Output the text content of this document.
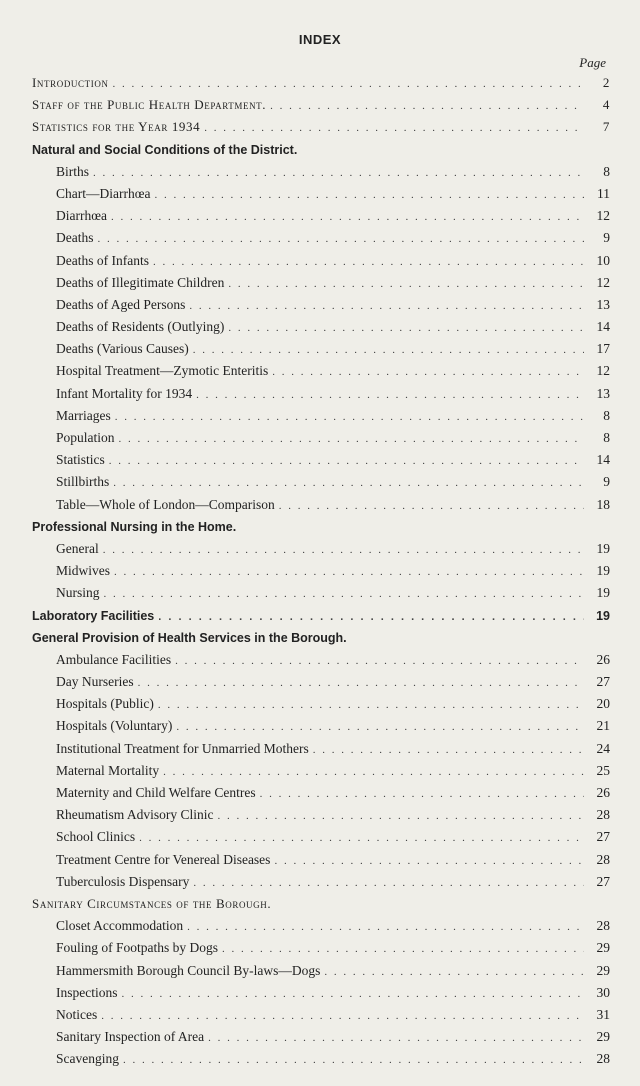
INDEX
Page
Introduction . . .	2
Staff of the Public Health Department. . . .	4
Statistics for the Year 1934 . . .	7
Natural and Social Conditions of the District.
Births . . .	8
Chart—Diarrhœa . . .	11
Diarrhœa . . .	12
Deaths . . .	9
Deaths of Infants . . .	10
Deaths of Illegitimate Children . . .	12
Deaths of Aged Persons . . .	13
Deaths of Residents (Outlying) . . .	14
Deaths (Various Causes) . . .	17
Hospital Treatment—Zymotic Enteritis . . .	12
Infant Mortality for 1934 . . .	13
Marriages . . .	8
Population . . .	8
Statistics . . .	14
Stillbirths . . .	9
Table—Whole of London—Comparison . . .	18
Professional Nursing in the Home.
General . . .	19
Midwives . . .	19
Nursing . . .	19
Laboratory Facilities . . .	19
General Provision of Health Services in the Borough.
Ambulance Facilities . . .	26
Day Nurseries . . .	27
Hospitals (Public) . . .	20
Hospitals (Voluntary) . . .	21
Institutional Treatment for Unmarried Mothers . . .	24
Maternal Mortality . . .	25
Maternity and Child Welfare Centres . . .	26
Rheumatism Advisory Clinic . . .	28
School Clinics . . .	27
Treatment Centre for Venereal Diseases . . .	28
Tuberculosis Dispensary . . .	27
Sanitary Circumstances of the Borough.
Closet Accommodation . . .	28
Fouling of Footpaths by Dogs . . .	29
Hammersmith Borough Council By-laws—Dogs . . .	29
Inspections . . .	30
Notices . . .	31
Sanitary Inspection of Area . . .	29
Scavenging . . .	28
